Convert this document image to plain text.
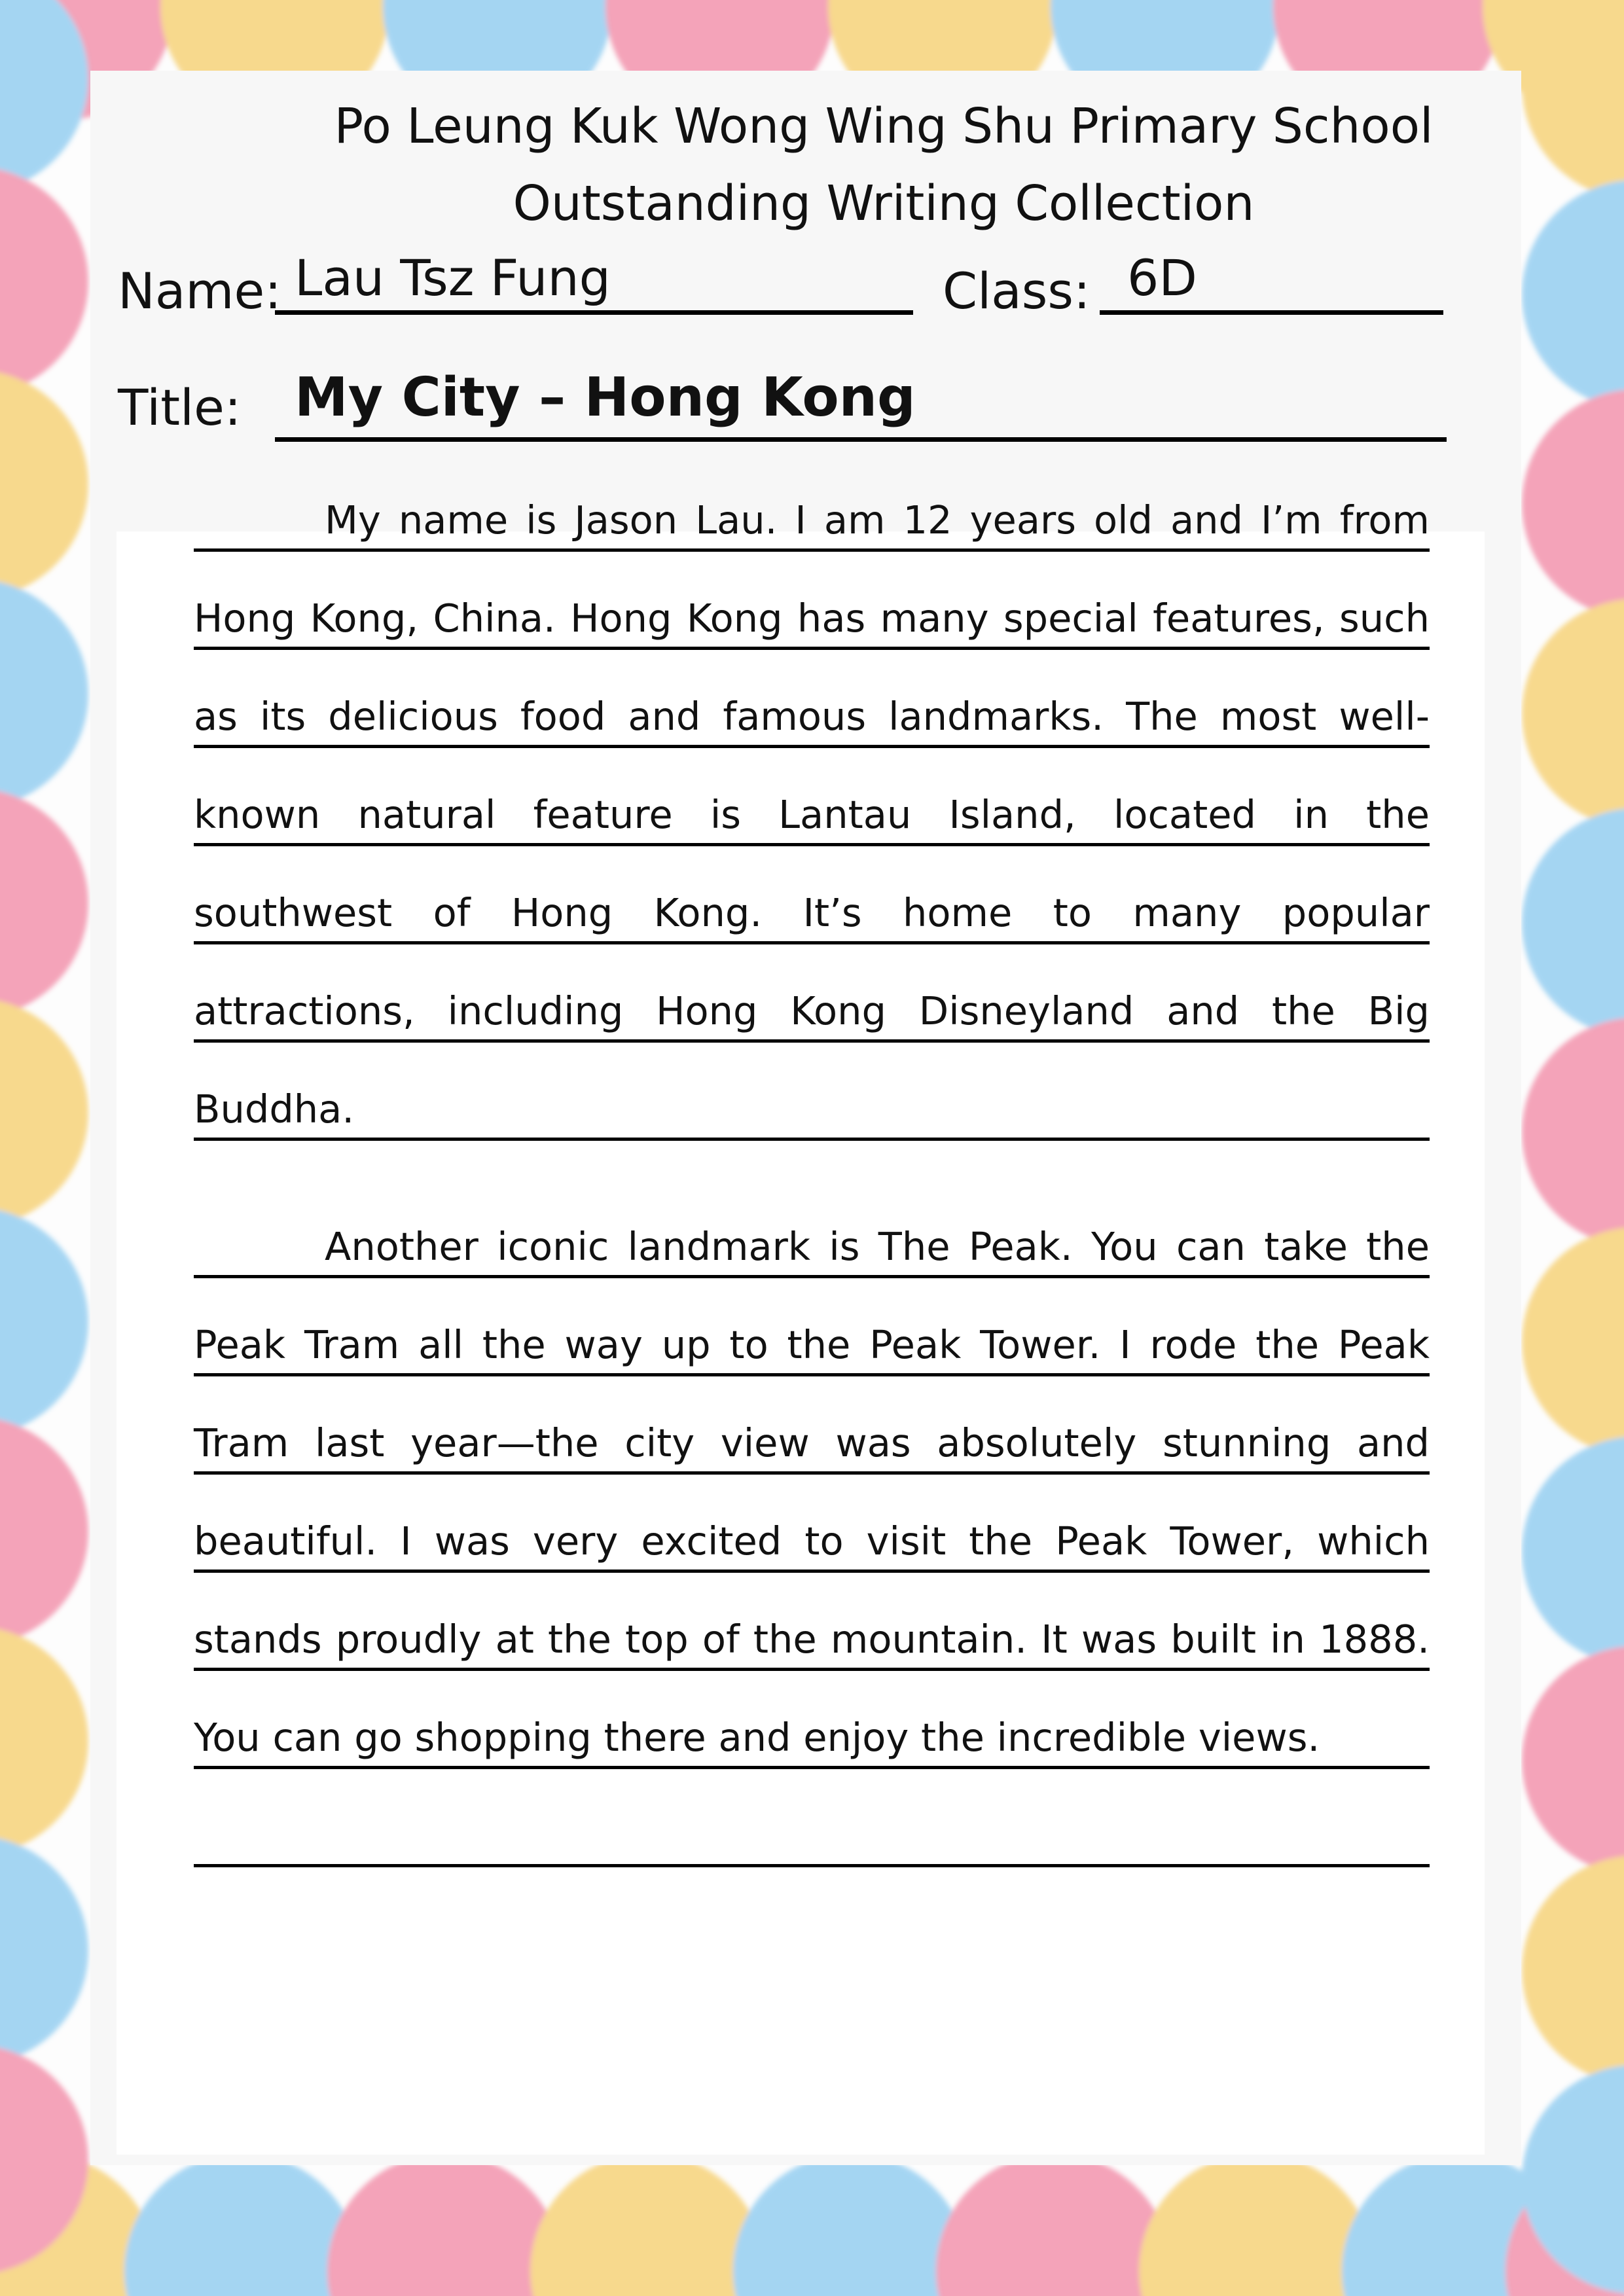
Po Leung Kuk Wong Wing Shu Primary School
Outstanding Writing Collection
Name: Lau Tsz Fung	Class: 6D
Title: My City – Hong Kong

My name is Jason Lau. I am 12 years old and I’m from Hong Kong, China. Hong Kong has many special features, such as its delicious food and famous landmarks. The most well-known natural feature is Lantau Island, located in the southwest of Hong Kong. It’s home to many popular attractions, including Hong Kong Disneyland and the Big Buddha.

Another iconic landmark is The Peak. You can take the Peak Tram all the way up to the Peak Tower. I rode the Peak Tram last year—the city view was absolutely stunning and beautiful. I was very excited to visit the Peak Tower, which stands proudly at the top of the mountain. It was built in 1888. You can go shopping there and enjoy the incredible views.
